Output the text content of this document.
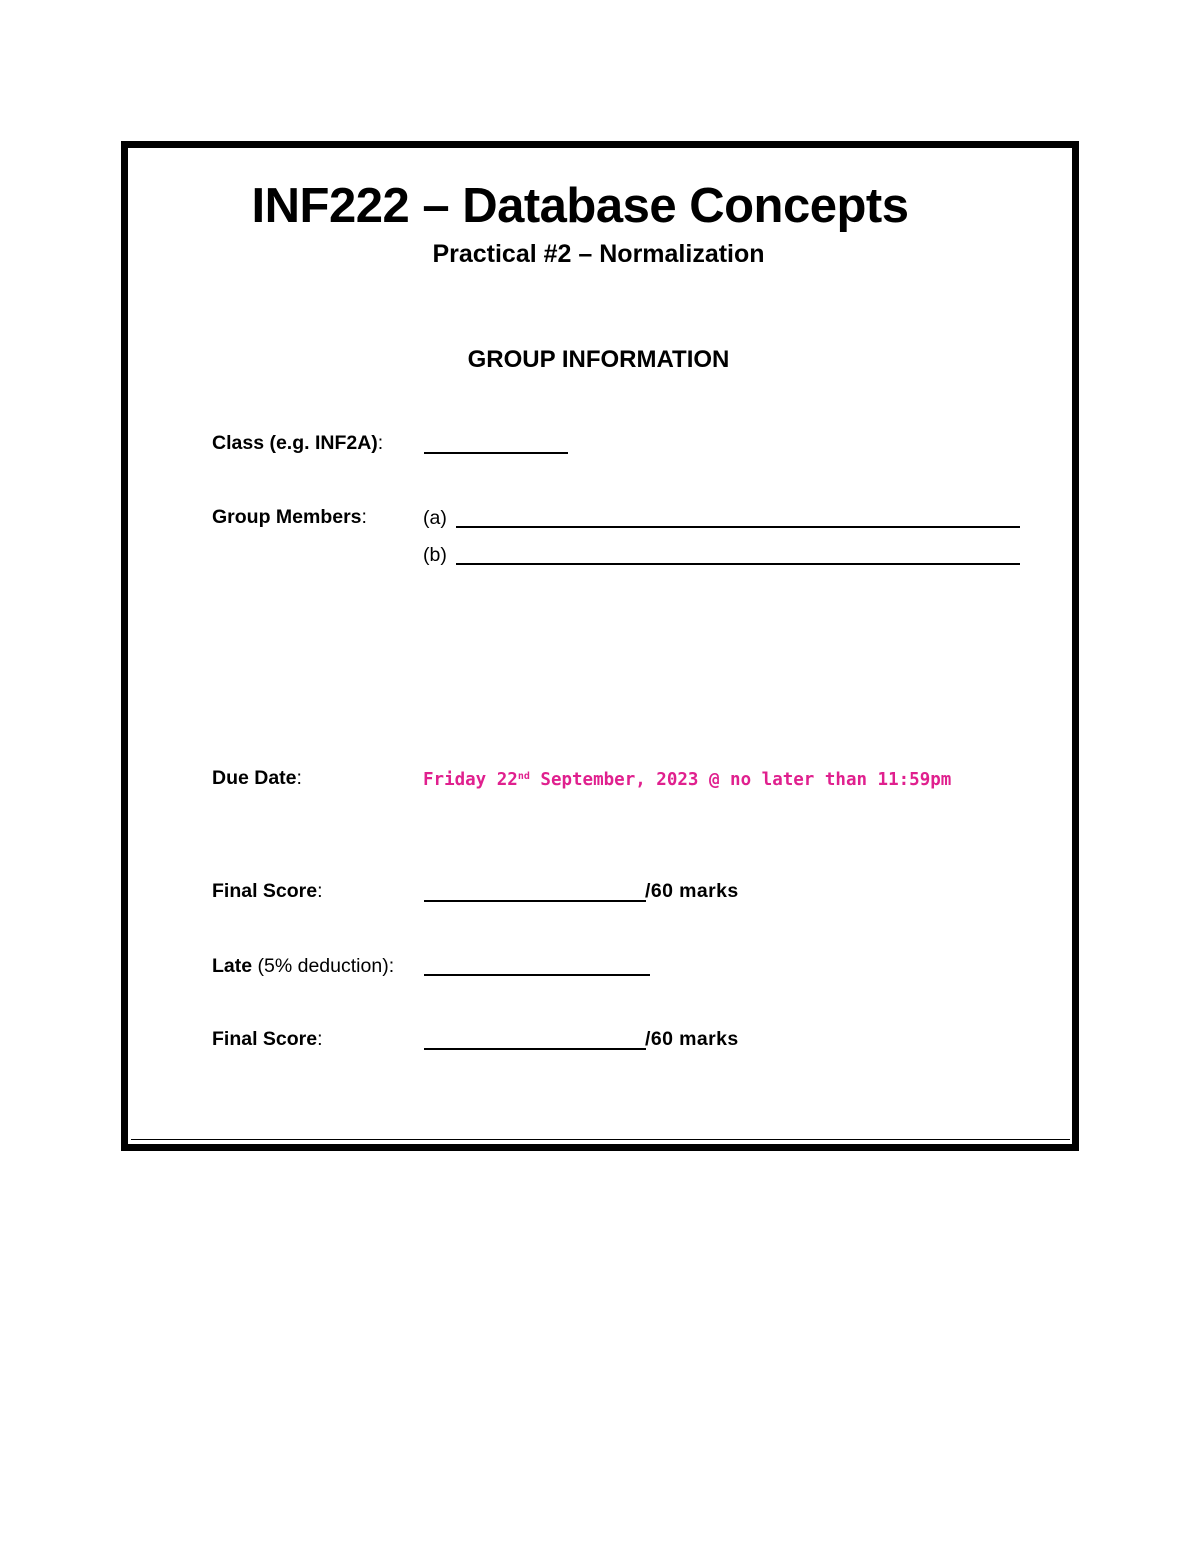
INF222 – Database Concepts
Practical #2 – Normalization
GROUP INFORMATION
Class (e.g. INF2A):
Group Members:	(a)
(b)
Due Date:	Friday 22nd September, 2023 @ no later than 11:59pm
Final Score:	/60 marks
Late (5% deduction):
Final Score:	/60 marks
